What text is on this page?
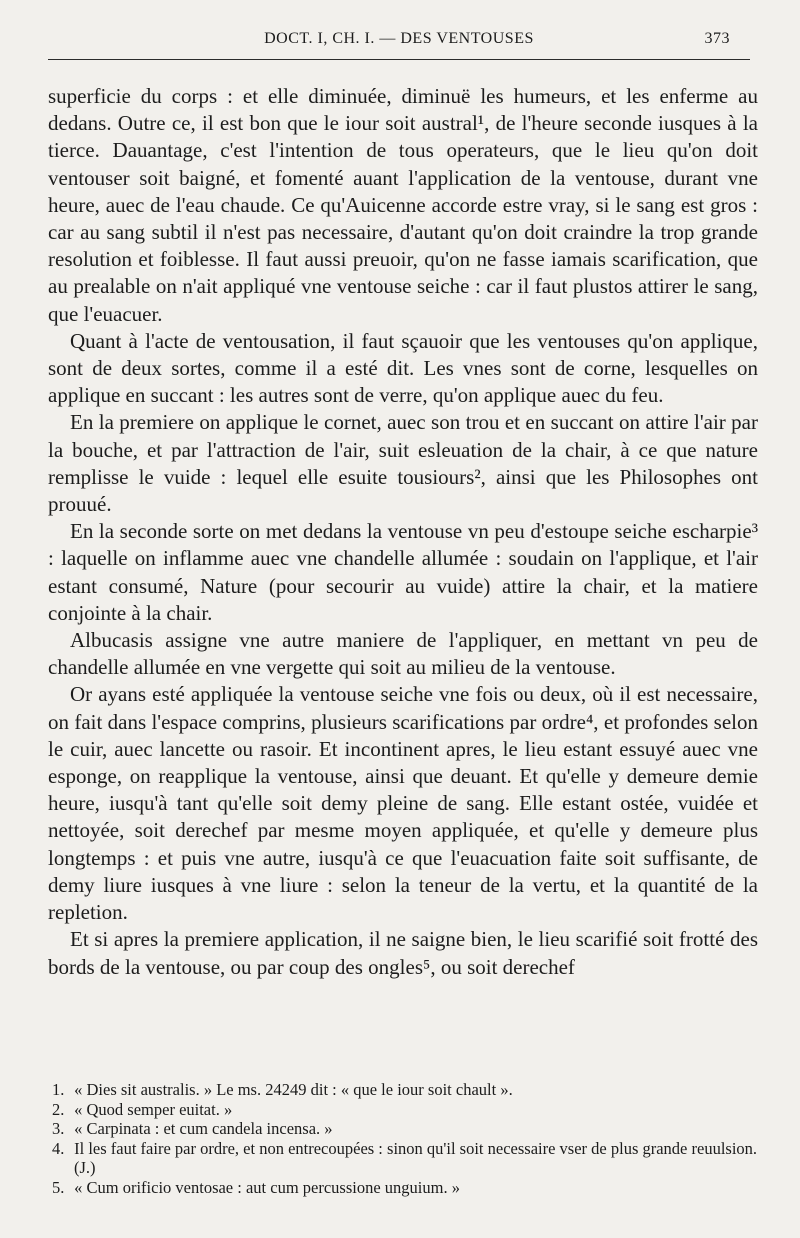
DOCT. I, CH. I. — DES VENTOUSES	373

superficie du corps : et elle diminuée, diminuë les humeurs, et les enferme au dedans. Outre ce, il est bon que le iour soit austral¹, de l'heure seconde iusques à la tierce. Dauantage, c'est l'intention de tous operateurs, que le lieu qu'on doit ventouser soit baigné, et fomenté auant l'application de la ventouse, durant vne heure, auec de l'eau chaude. Ce qu'Auicenne accorde estre vray, si le sang est gros : car au sang subtil il n'est pas necessaire, d'autant qu'on doit craindre la trop grande resolution et foiblesse. Il faut aussi preuoir, qu'on ne fasse iamais scarification, que au prealable on n'ait appliqué vne ventouse seiche : car il faut plustos attirer le sang, que l'euacuer.

Quant à l'acte de ventousation, il faut sçauoir que les ventouses qu'on applique, sont de deux sortes, comme il a esté dit. Les vnes sont de corne, lesquelles on applique en succant : les autres sont de verre, qu'on applique auec du feu.

En la premiere on applique le cornet, auec son trou et en succant on attire l'air par la bouche, et par l'attraction de l'air, suit esleuation de la chair, à ce que nature remplisse le vuide : lequel elle esuite tousiours², ainsi que les Philosophes ont prouué.

En la seconde sorte on met dedans la ventouse vn peu d'estoupe seiche escharpie³ : laquelle on inflamme auec vne chandelle allumée : soudain on l'applique, et l'air estant consumé, Nature (pour secourir au vuide) attire la chair, et la matiere conjointe à la chair.

Albucasis assigne vne autre maniere de l'appliquer, en mettant vn peu de chandelle allumée en vne vergette qui soit au milieu de la ventouse.

Or ayans esté appliquée la ventouse seiche vne fois ou deux, où il est necessaire, on fait dans l'espace comprins, plusieurs scarifications par ordre⁴, et profondes selon le cuir, auec lancette ou rasoir. Et incontinent apres, le lieu estant essuyé auec vne esponge, on reapplique la ventouse, ainsi que deuant. Et qu'elle y demeure demie heure, iusqu'à tant qu'elle soit demy pleine de sang. Elle estant ostée, vuidée et nettoyée, soit derechef par mesme moyen appliquée, et qu'elle y demeure plus longtemps : et puis vne autre, iusqu'à ce que l'euacuation faite soit suffisante, de demy liure iusques à vne liure : selon la teneur de la vertu, et la quantité de la repletion.

Et si apres la premiere application, il ne saigne bien, le lieu scarifié soit frotté des bords de la ventouse, ou par coup des ongles⁵, ou soit derechef

1. « Dies sit australis. » Le ms. 24249 dit : « que le iour soit chault ».

2. « Quod semper euitat. »

3. « Carpinata : et cum candela incensa. »

4. Il les faut faire par ordre, et non entrecoupées : sinon qu'il soit necessaire vser de plus grande reuulsion. (J.)

5. « Cum orificio ventosae : aut cum percussione unguium. »
